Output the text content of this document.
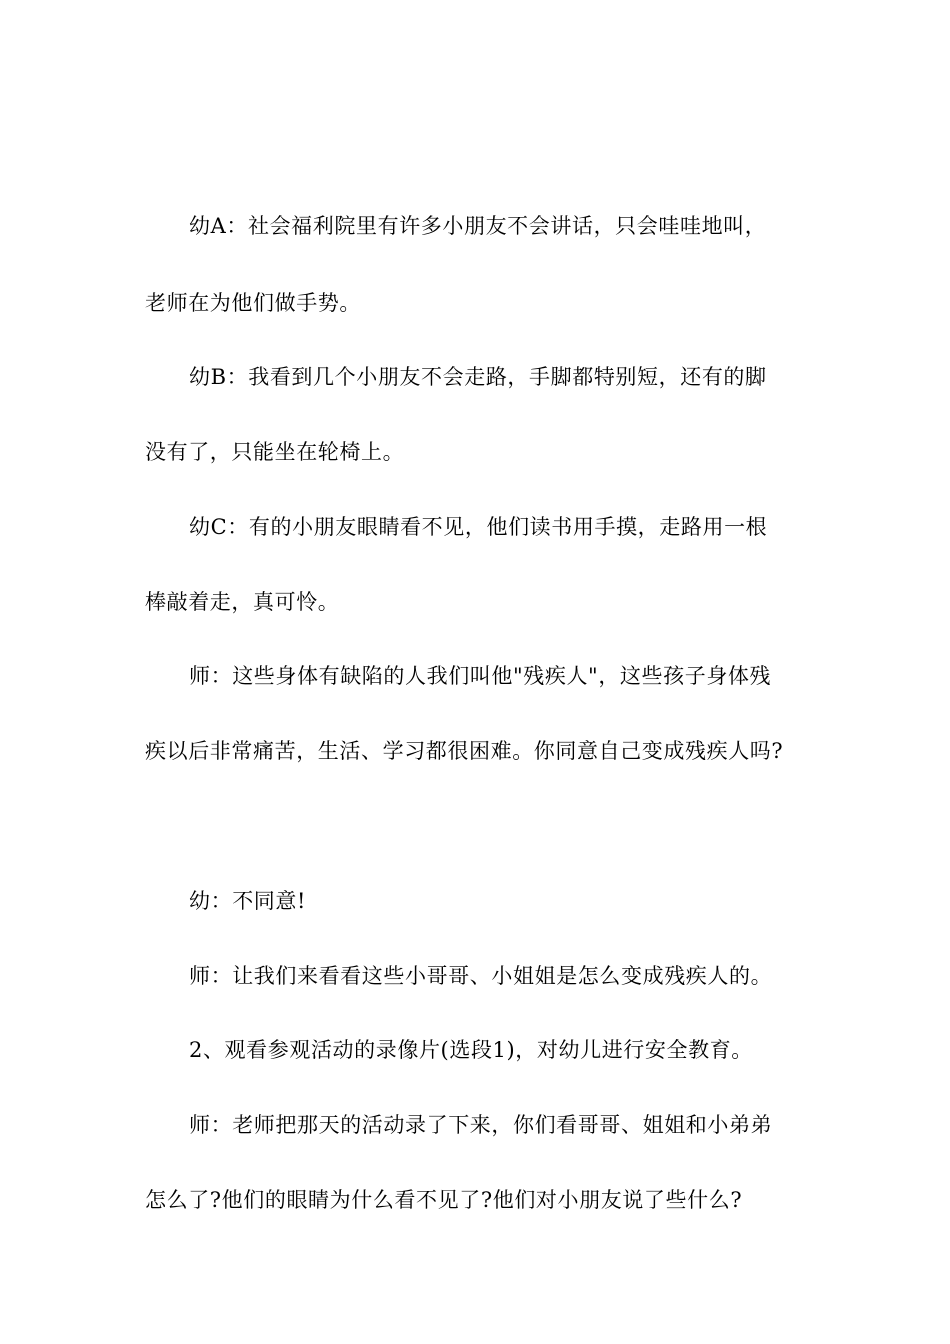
幼A：社会福利院里有许多小朋友不会讲话，只会哇哇地叫，
老师在为他们做手势。
幼B：我看到几个小朋友不会走路，手脚都特别短，还有的脚
没有了，只能坐在轮椅上。
幼C：有的小朋友眼睛看不见，他们读书用手摸，走路用一根
棒敲着走，真可怜。
师：这些身体有缺陷的人我们叫他"残疾人"，这些孩子身体残
疾以后非常痛苦，生活、学习都很困难。你同意自己变成残疾人吗?
幼：不同意!
师：让我们来看看这些小哥哥、小姐姐是怎么变成残疾人的。
2、观看参观活动的录像片(选段1)，对幼儿进行安全教育。
师：老师把那天的活动录了下来，你们看哥哥、姐姐和小弟弟
怎么了?他们的眼睛为什么看不见了?他们对小朋友说了些什么?
